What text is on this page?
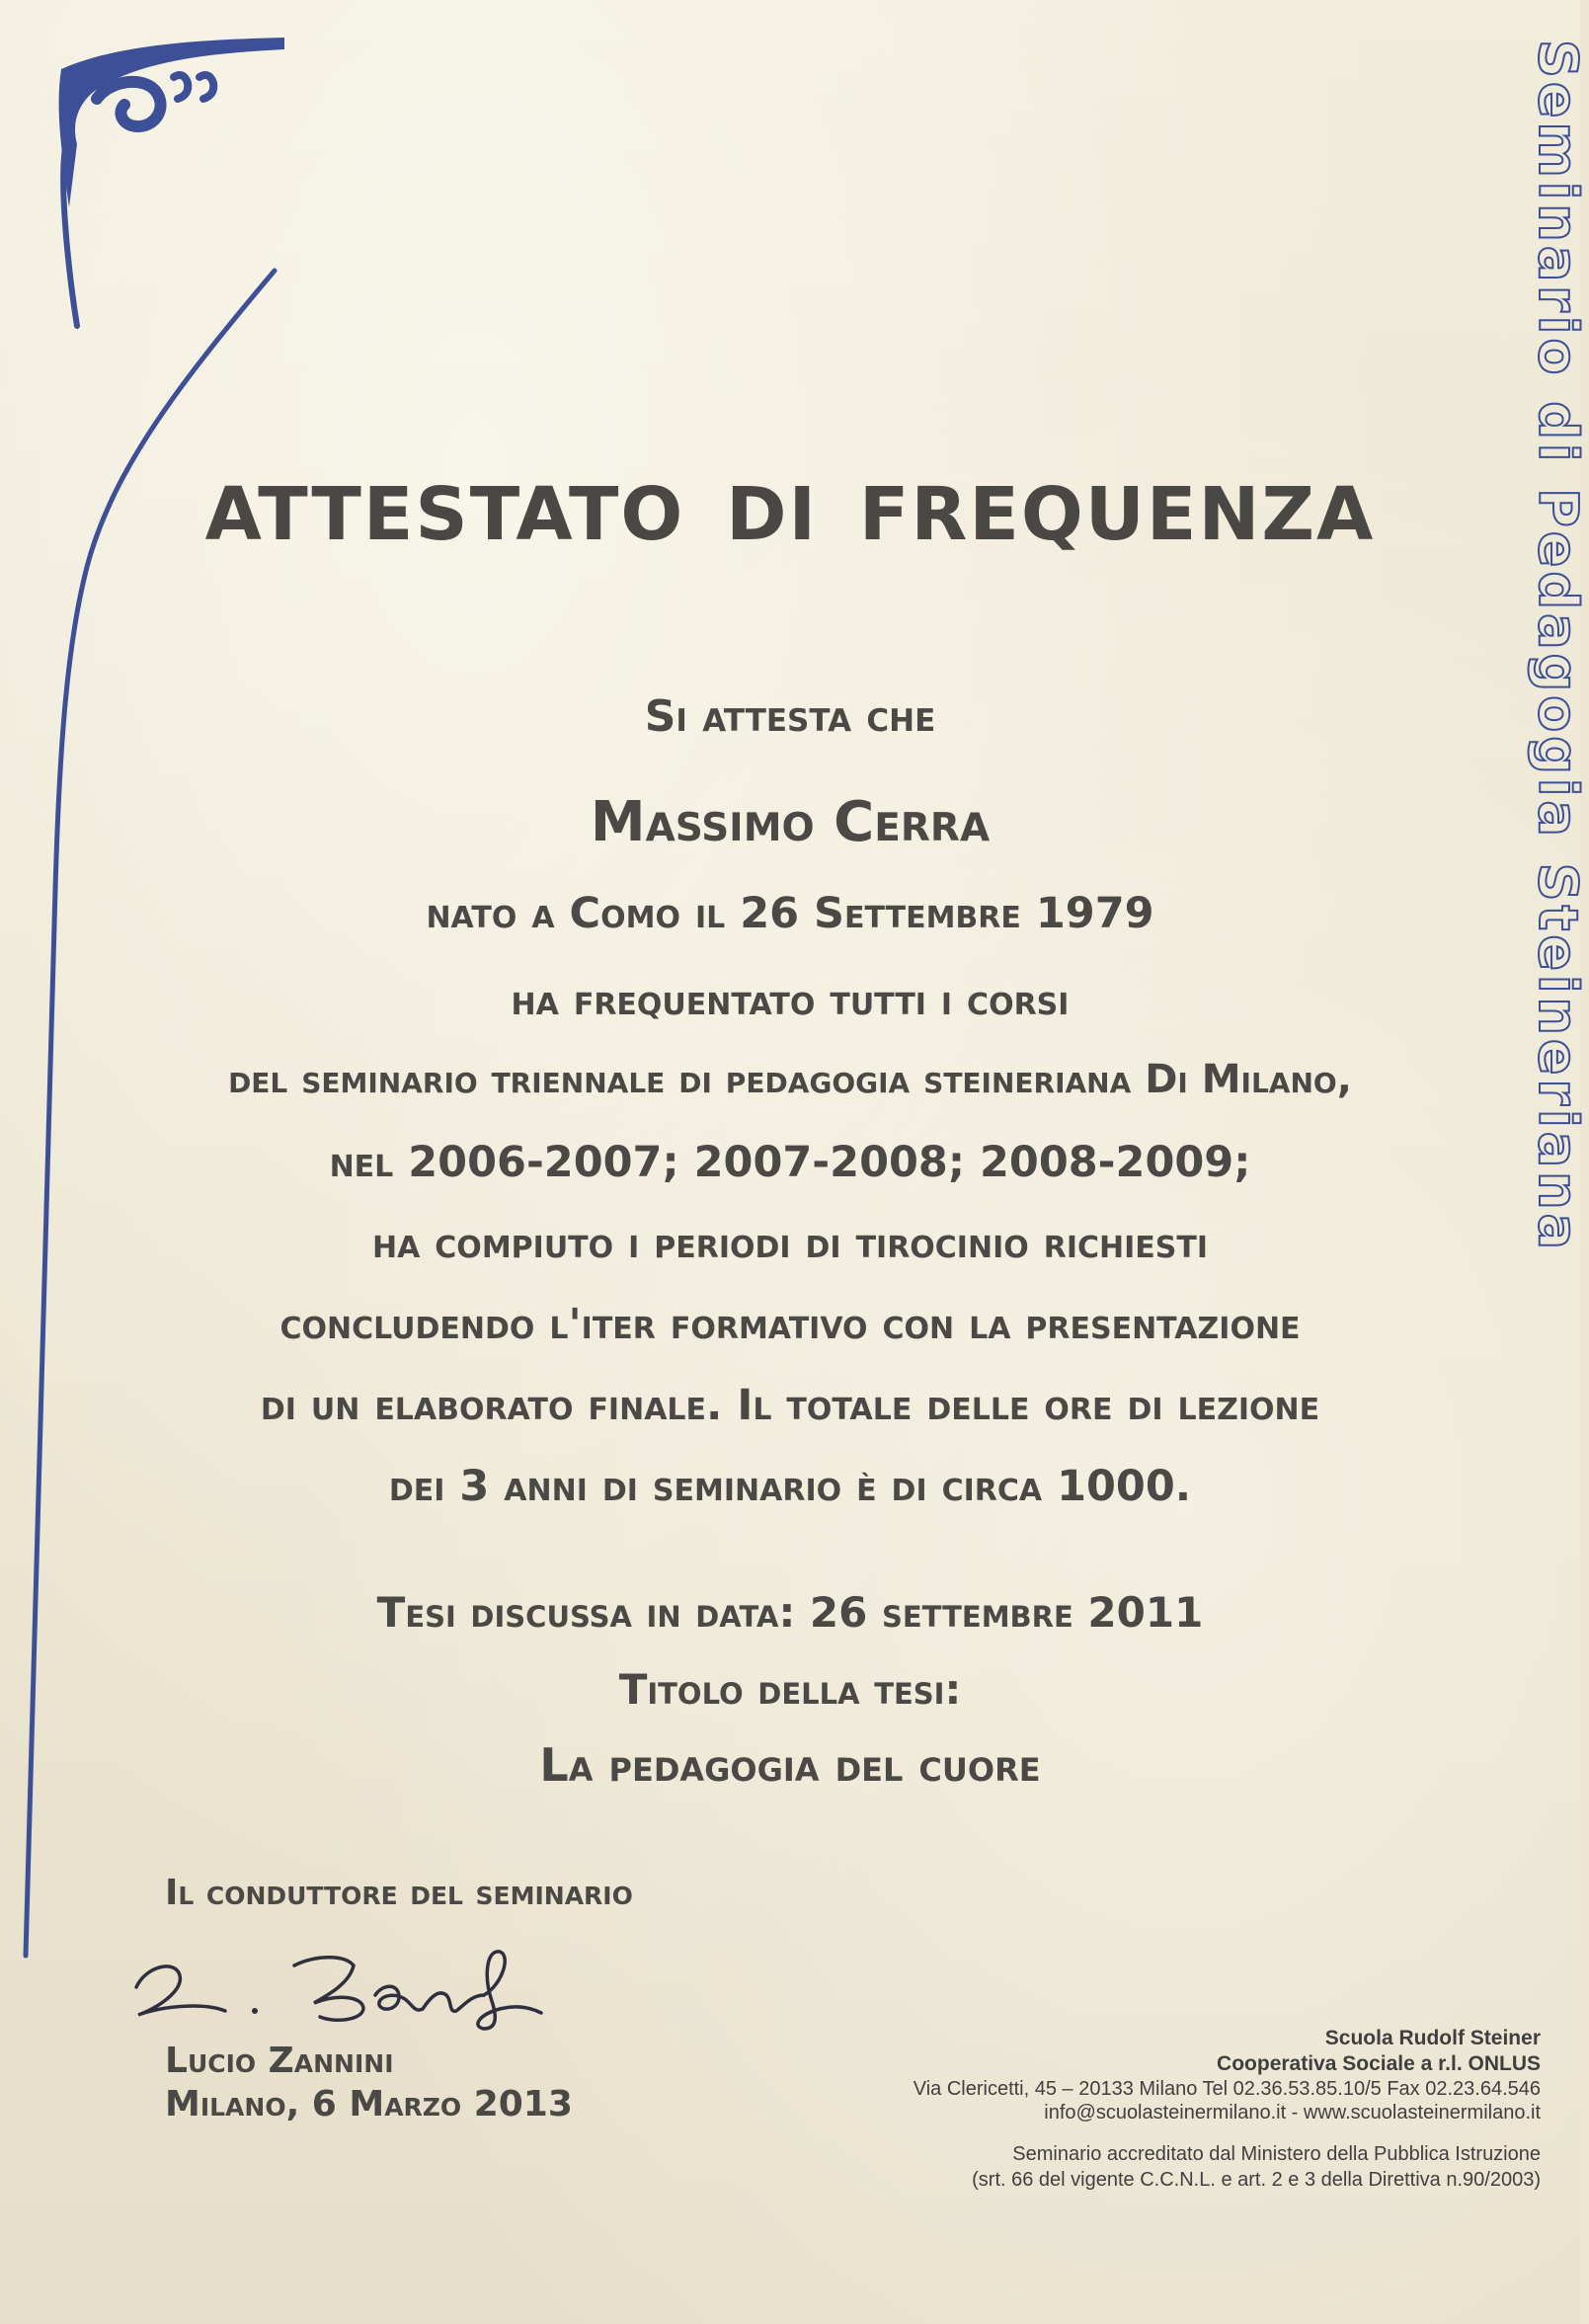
Seminario di Pedagogia Steineriana
ATTESTATO DI FREQUENZA
Si attesta che
Massimo Cerra
nato a Como il 26 Settembre 1979
ha frequentato tutti i corsi
del seminario triennale di pedagogia steineriana Di Milano,
nel 2006-2007; 2007-2008; 2008-2009;
ha compiuto i periodi di tirocinio richiesti
concludendo l'iter formativo con la presentazione
di un elaborato finale. Il totale delle ore di lezione
dei 3 anni di seminario è di circa 1000.
Tesi discussa in data: 26 settembre 2011
Titolo della tesi:
La pedagogia del cuore
Il conduttore del seminario
Lucio Zannini
Milano, 6 Marzo 2013
Scuola Rudolf Steiner
Cooperativa Sociale a r.l. ONLUS
Via Clericetti, 45 – 20133 Milano Tel 02.36.53.85.10/5 Fax 02.23.64.546
info@scuolasteinermilano.it - www.scuolasteinermilano.it
Seminario accreditato dal Ministero della Pubblica Istruzione
(srt. 66 del vigente C.C.N.L. e art. 2 e 3 della Direttiva n.90/2003)
